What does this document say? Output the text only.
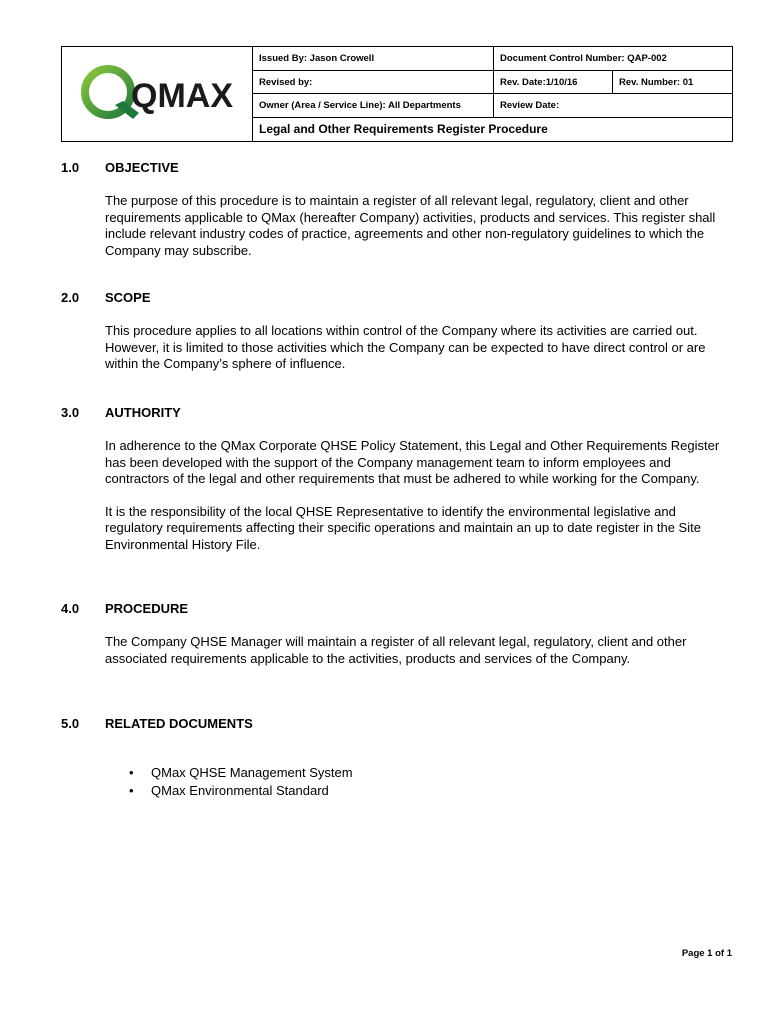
QMAX	Issued By: Jason Crowell	Document Control Number: QAP-002	
	Revised by:	Rev. Date:1/10/16	Rev. Number: 01
	Owner (Area / Service Line): All Departments	Review Date:	
	Legal and Other Requirements Register Procedure		
1.0	OBJECTIVE

The purpose of this procedure is to maintain a register of all relevant legal, regulatory, client and other requirements applicable to QMax (hereafter Company) activities, products and services. This register shall include relevant industry codes of practice, agreements and other non-regulatory guidelines to which the Company may subscribe.

2.0	SCOPE

This procedure applies to all locations within control of the Company where its activities are carried out. However, it is limited to those activities which the Company can be expected to have direct control or are within the Company’s sphere of influence.

3.0	AUTHORITY

In adherence to the QMax Corporate QHSE Policy Statement, this Legal and Other Requirements Register has been developed with the support of the Company management team to inform employees and contractors of the legal and other requirements that must be adhered to while working for the Company.

It is the responsibility of the local QHSE Representative to identify the environmental legislative and regulatory requirements affecting their specific operations and maintain an up to date register in the Site Environmental History File.

4.0	PROCEDURE

The Company QHSE Manager will maintain a register of all relevant legal, regulatory, client and other associated requirements applicable to the activities, products and services of the Company.

5.0	RELATED DOCUMENTS
•	QMax QHSE Management System
•	QMax Environmental Standard
Page 1 of 1
